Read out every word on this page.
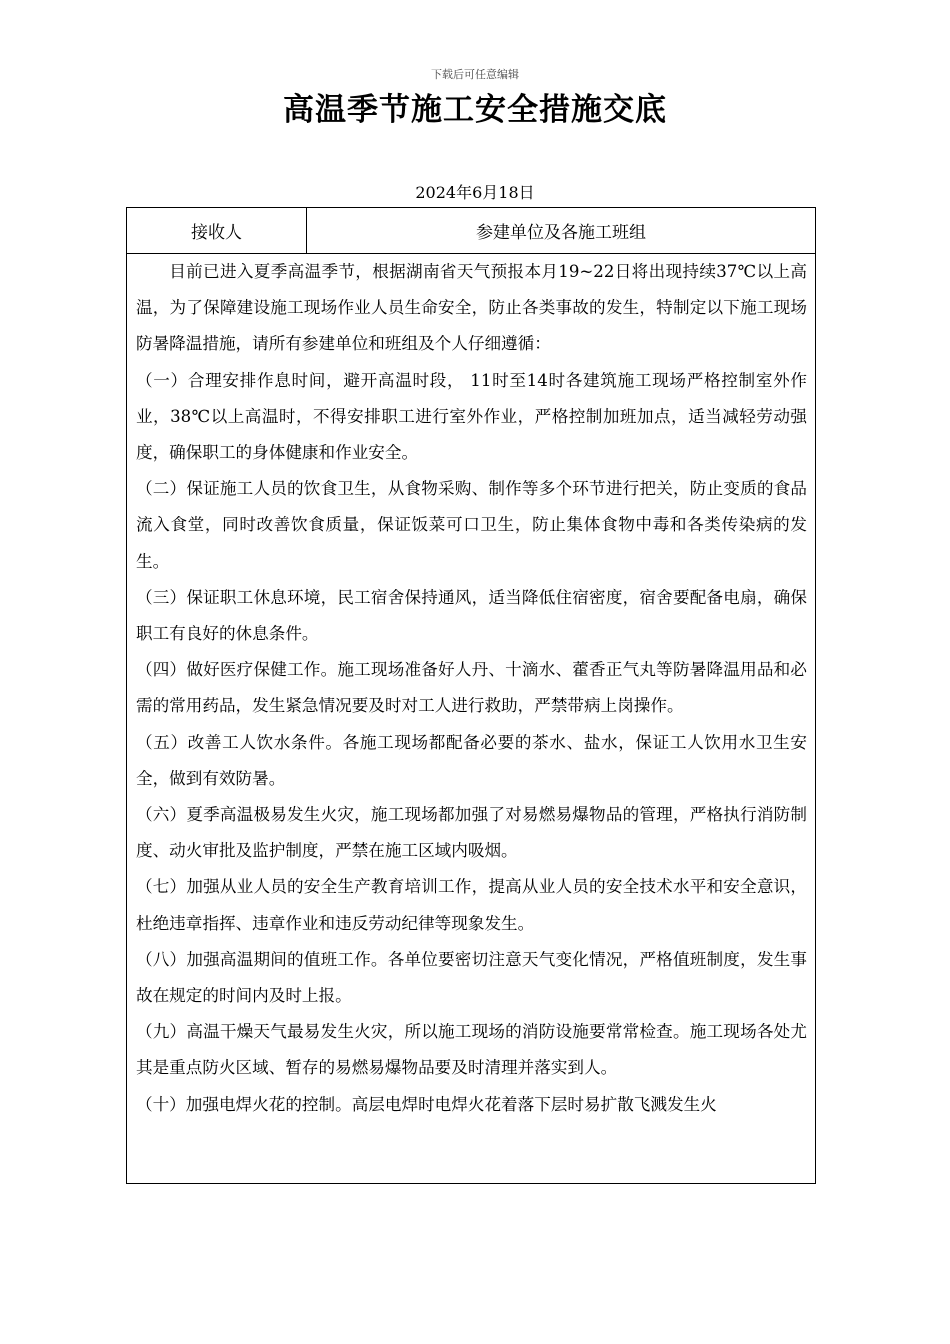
下载后可任意编辑
高温季节施工安全措施交底
2024年6月18日
接收人	参建单位及各施工班组

目前已进入夏季高温季节，根据湖南省天气预报本月19~22日将出现持续37℃以上高温，为了保障建设施工现场作业人员生命安全，防止各类事故的发生，特制定以下施工现场防暑降温措施，请所有参建单位和班组及个人仔细遵循：

（一）合理安排作息时间，避开高温时段， 11时至14时各建筑施工现场严格控制室外作业，38℃以上高温时，不得安排职工进行室外作业，严格控制加班加点，适当减轻劳动强度，确保职工的身体健康和作业安全。

（二）保证施工人员的饮食卫生，从食物采购、制作等多个环节进行把关，防止变质的食品流入食堂，同时改善饮食质量，保证饭菜可口卫生，防止集体食物中毒和各类传染病的发生。

（三）保证职工休息环境，民工宿舍保持通风，适当降低住宿密度，宿舍要配备电扇，确保职工有良好的休息条件。

（四）做好医疗保健工作。施工现场准备好人丹、十滴水、藿香正气丸等防暑降温用品和必需的常用药品，发生紧急情况要及时对工人进行救助，严禁带病上岗操作。

（五）改善工人饮水条件。各施工现场都配备必要的茶水、盐水，保证工人饮用水卫生安全，做到有效防暑。

（六）夏季高温极易发生火灾，施工现场都加强了对易燃易爆物品的管理，严格执行消防制度、动火审批及监护制度，严禁在施工区域内吸烟。

（七）加强从业人员的安全生产教育培训工作，提高从业人员的安全技术水平和安全意识，杜绝违章指挥、违章作业和违反劳动纪律等现象发生。

（八）加强高温期间的值班工作。各单位要密切注意天气变化情况，严格值班制度，发生事故在规定的时间内及时上报。

（九）高温干燥天气最易发生火灾，所以施工现场的消防设施要常常检查。施工现场各处尤其是重点防火区域、暂存的易燃易爆物品要及时清理并落实到人。

（十）加强电焊火花的控制。高层电焊时电焊火花着落下层时易扩散飞溅发生火
